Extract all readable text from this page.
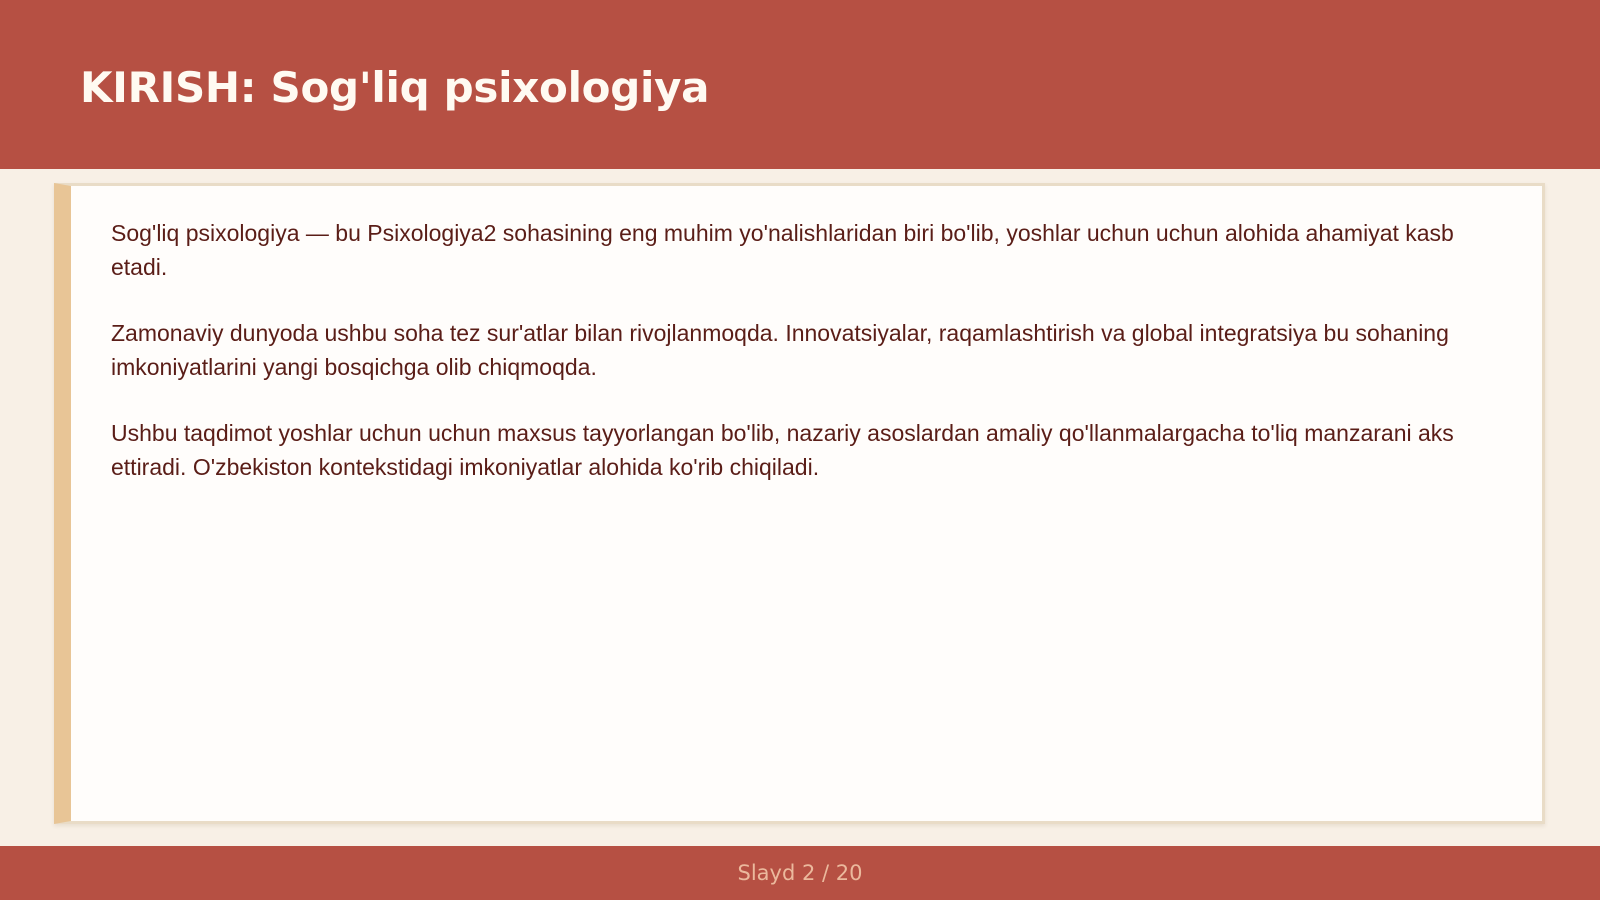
KIRISH: Sog'liq psixologiya

Sog'liq psixologiya — bu Psixologiya2 sohasining eng muhim yo'nalishlaridan biri bo'lib, yoshlar uchun uchun alohida ahamiyat kasb etadi.

Zamonaviy dunyoda ushbu soha tez sur'atlar bilan rivojlanmoqda. Innovatsiyalar, raqamlashtirish va global integratsiya bu sohaning imkoniyatlarini yangi bosqichga olib chiqmoqda.

Ushbu taqdimot yoshlar uchun uchun maxsus tayyorlangan bo'lib, nazariy asoslardan amaliy qo'llanmalargacha to'liq manzarani aks ettiradi. O'zbekiston kontekstidagi imkoniyatlar alohida ko'rib chiqiladi.

Slayd 2 / 20
